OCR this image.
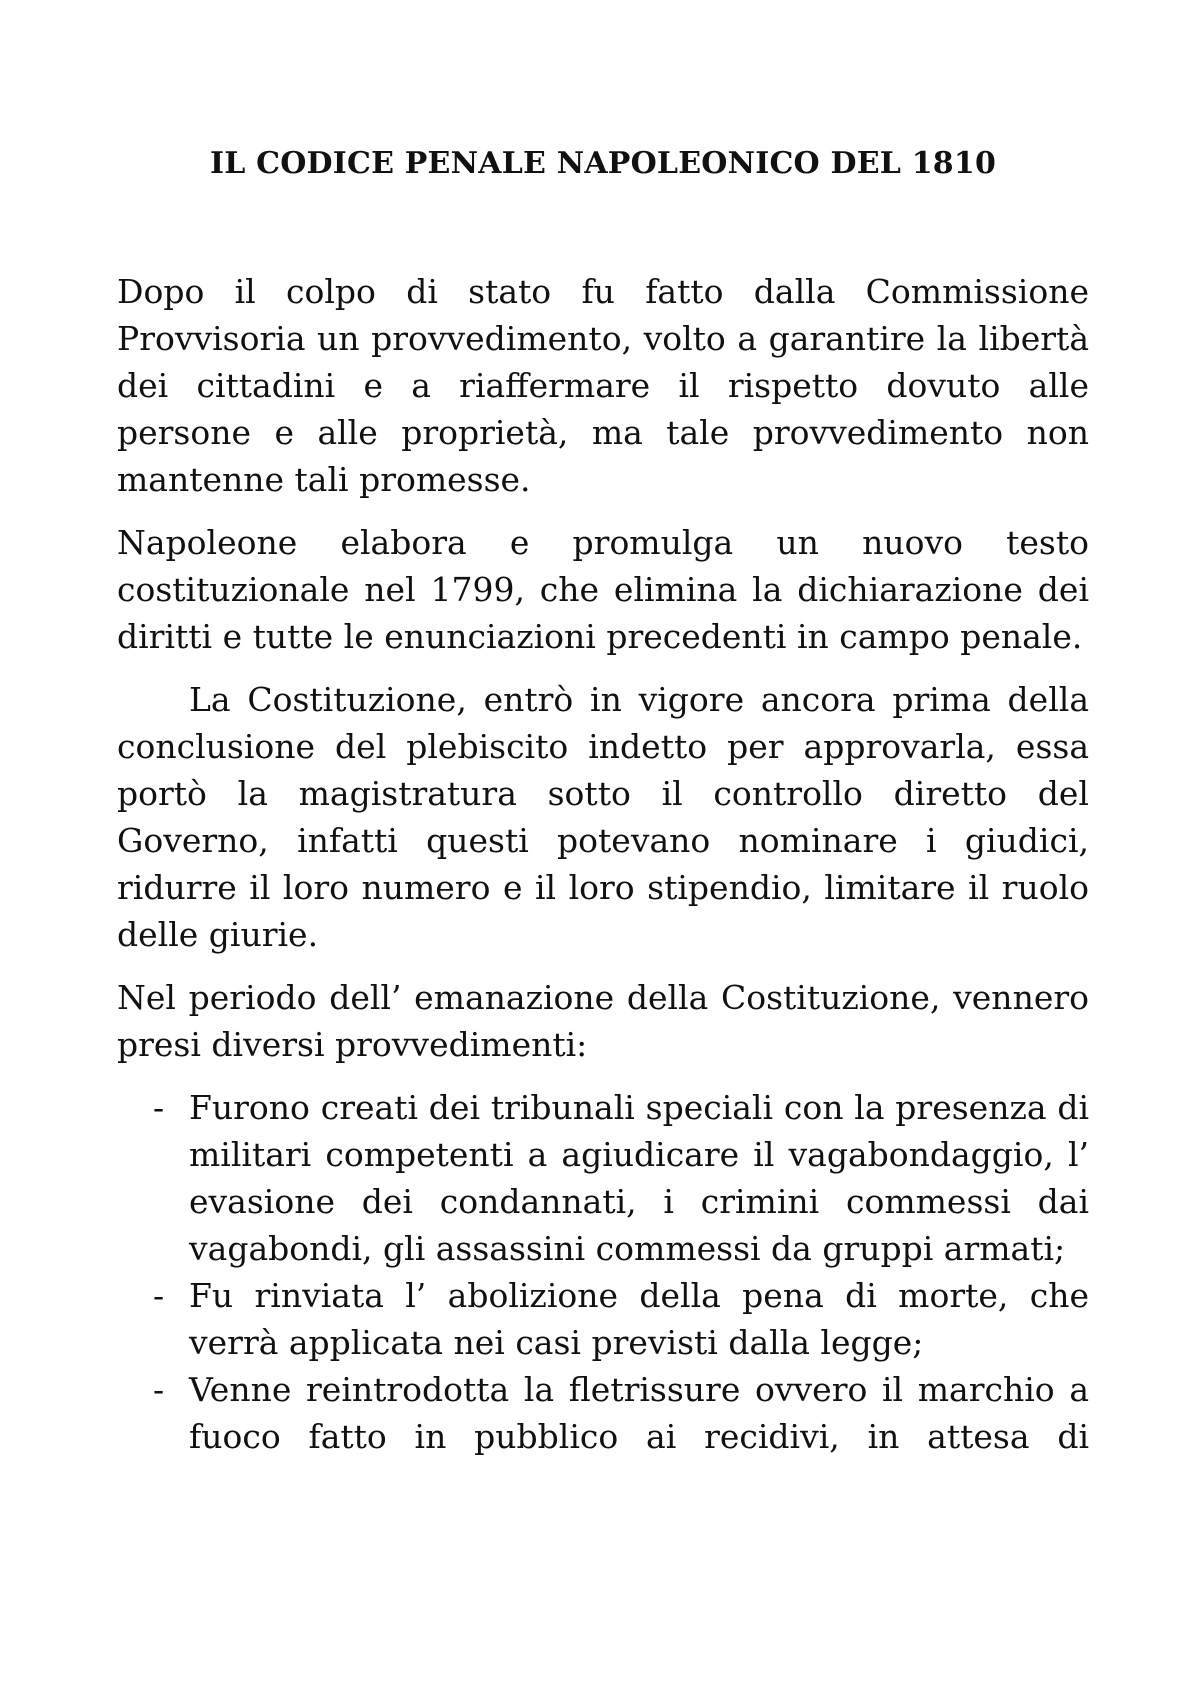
IL CODICE PENALE NAPOLEONICO DEL 1810

Dopo il colpo di stato fu fatto dalla Commissione Provvisoria un provvedimento, volto a garantire la libertà dei cittadini e a riaffermare il rispetto dovuto alle persone e alle proprietà, ma tale provvedimento non mantenne tali promesse.

Napoleone elabora e promulga un nuovo testo costituzionale nel 1799, che elimina la dichiarazione dei diritti e tutte le enunciazioni precedenti in campo penale.

La Costituzione, entrò in vigore ancora prima della conclusione del plebiscito indetto per approvarla, essa portò la magistratura sotto il controllo diretto del Governo, infatti questi potevano nominare i giudici, ridurre il loro numero e il loro stipendio, limitare il ruolo delle giurie.

Nel periodo dell’ emanazione della Costituzione, vennero presi diversi provvedimenti:

- Furono creati dei tribunali speciali con la presenza di militari competenti a agiudicare il vagabondaggio, l’ evasione dei condannati, i crimini commessi dai vagabondi, gli assassini commessi da gruppi armati;
- Fu rinviata l’ abolizione della pena di morte, che verrà applicata nei casi previsti dalla legge;
- Venne reintrodotta la fletrissure ovvero il marchio a fuoco fatto in pubblico ai recidivi, in attesa di
